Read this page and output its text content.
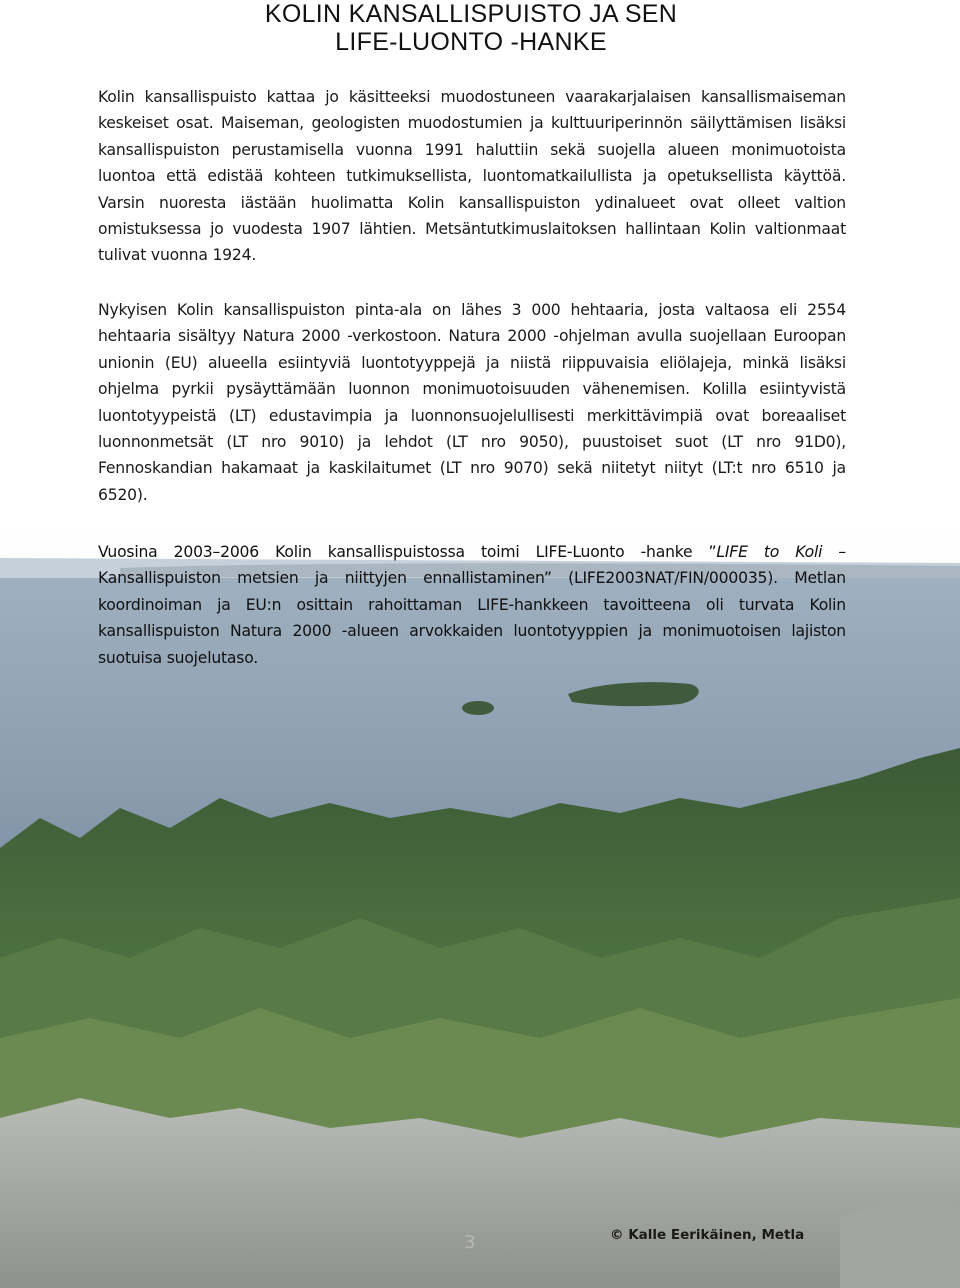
KOLIN KANSALLISPUISTO JA SEN
LIFE-LUONTO -HANKE

Kolin kansallispuisto kattaa jo käsitteeksi muodostuneen vaarakarjalaisen kansallismaiseman keskeiset osat. Maiseman, geologisten muodostumien ja kulttuuriperinnön säilyttämisen lisäksi kansallispuiston perustamisella vuonna 1991 haluttiin sekä suojella alueen monimuotoista luontoa että edistää kohteen tutkimuksellista, luontomatkailullista ja opetuksellista käyttöä. Varsin nuoresta iästään huolimatta Kolin kansallispuiston ydinalueet ovat olleet valtion omistuksessa jo vuodesta 1907 lähtien. Metsäntutkimuslaitoksen hallintaan Kolin valtionmaat tulivat vuonna 1924.

Nykyisen Kolin kansallispuiston pinta-ala on lähes 3 000 hehtaaria, josta valtaosa eli 2554 hehtaaria sisältyy Natura 2000 -verkostoon. Natura 2000 -ohjelman avulla suojellaan Euroopan unionin (EU) alueella esiintyviä luontotyyppejä ja niistä riippuvaisia eliölajeja, minkä lisäksi ohjelma pyrkii pysäyttämään luonnon monimuotoisuuden vähenemisen. Kolilla esiintyvistä luontotyypeistä (LT) edustavimpia ja luonnonsuojelullisesti merkittävimpiä ovat boreaaliset luonnonmetsät (LT nro 9010) ja lehdot (LT nro 9050), puustoiset suot (LT nro 91D0), Fennoskandian hakamaat ja kaskilaitumet (LT nro 9070) sekä niitetyt niityt (LT:t nro 6510 ja 6520).

Vuosina 2003–2006 Kolin kansallispuistossa toimi LIFE-Luonto -hanke ”LIFE to Koli – Kansallispuiston metsien ja niittyjen ennallistaminen” (LIFE2003NAT/FIN/000035). Metlan koordinoiman ja EU:n osittain rahoittaman LIFE-hankkeen tavoitteena oli turvata Kolin kansallispuiston Natura 2000 -alueen arvokkaiden luontotyyppien ja monimuotoisen lajiston suotuisa suojelutaso.

3	© Kalle Eerikäinen, Metla
